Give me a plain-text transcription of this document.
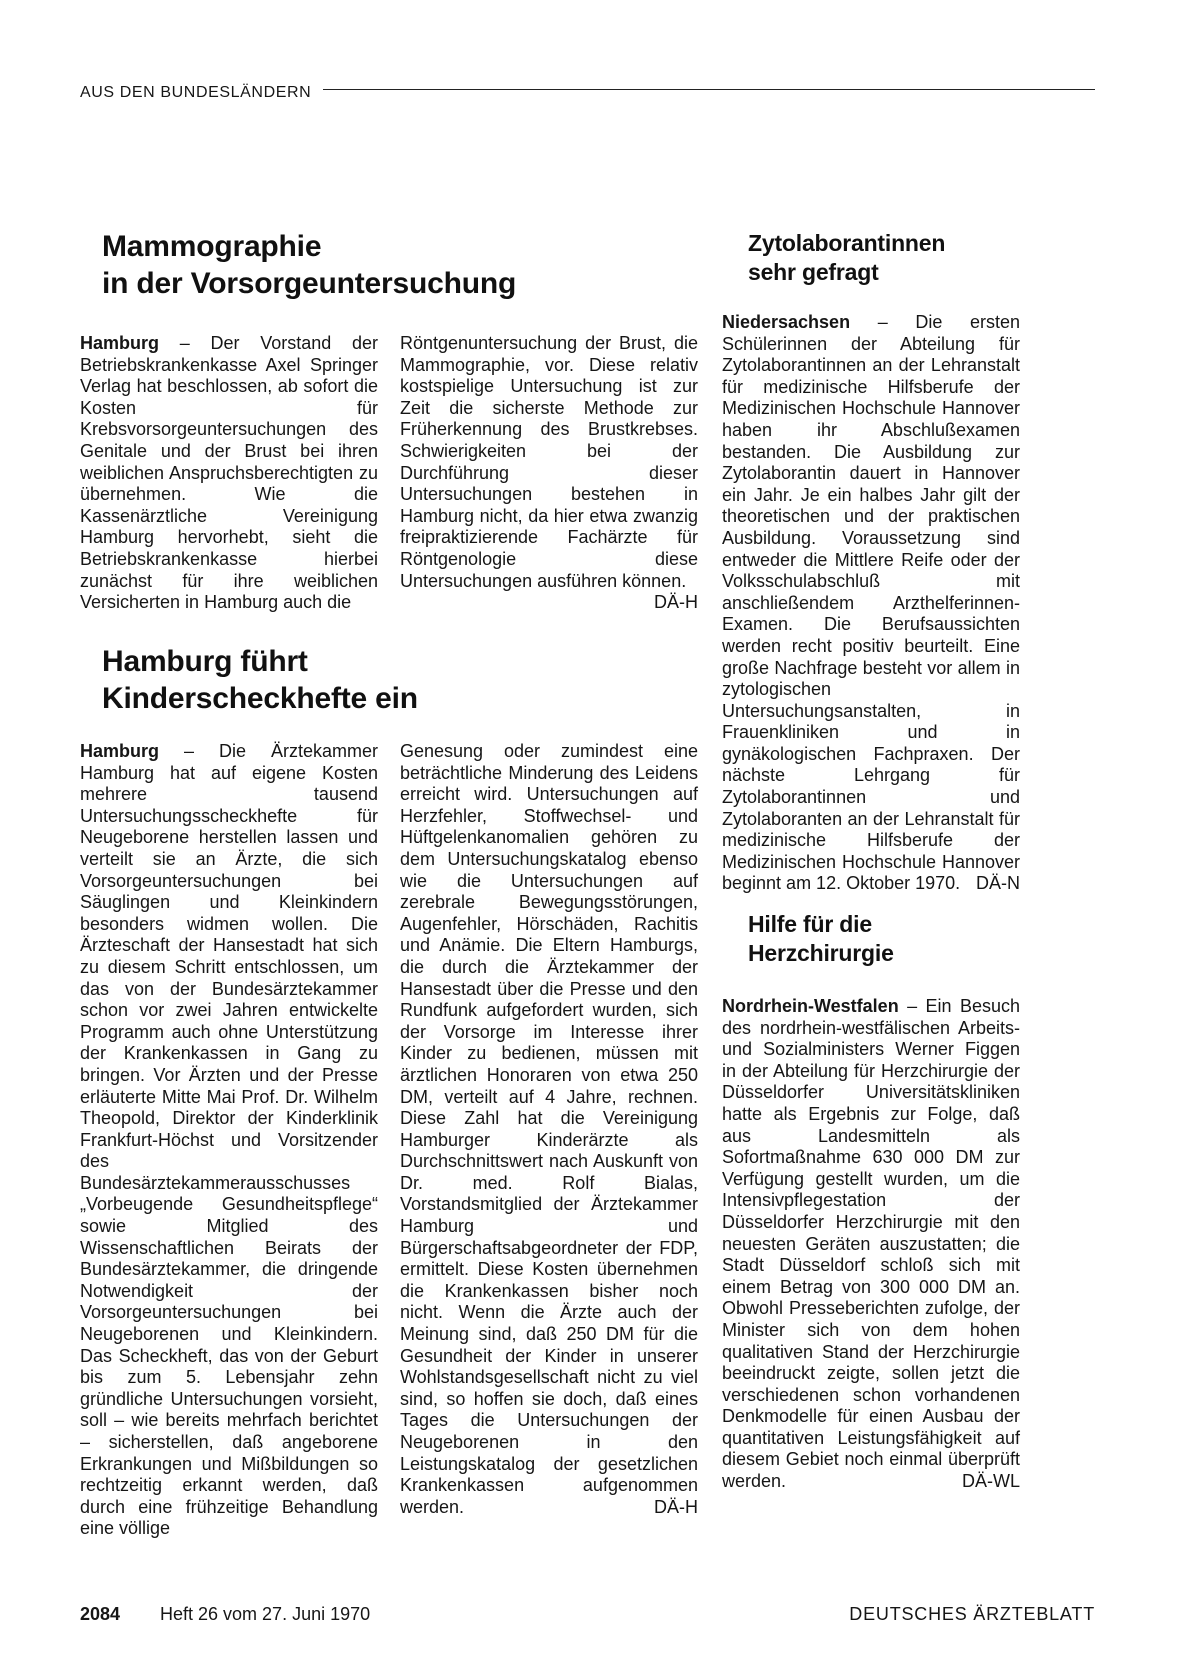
AUS DEN BUNDESLÄNDERN
Mammographie
in der Vorsorgeuntersuchung

Hamburg – Der Vorstand der Betriebskrankenkasse Axel Springer Verlag hat beschlossen, ab sofort die Kosten für Krebsvorsorgeuntersuchungen des Genitale und der Brust bei ihren weiblichen Anspruchsberechtigten zu übernehmen. Wie die Kassenärztliche Vereinigung Hamburg hervorhebt, sieht die Betriebskrankenkasse hierbei zunächst für ihre weiblichen Versicherten in Hamburg auch die

Röntgenuntersuchung der Brust, die Mammographie, vor. Diese relativ kostspielige Untersuchung ist zur Zeit die sicherste Methode zur Früherkennung des Brustkrebses. Schwierigkeiten bei der Durchführung dieser Untersuchungen bestehen in Hamburg nicht, da hier etwa zwanzig freipraktizierende Fachärzte für Röntgenologie diese Untersuchungen ausführen können.
DÄ-H

Hamburg führt
Kinderscheckhefte ein

Hamburg – Die Ärztekammer Hamburg hat auf eigene Kosten mehrere tausend Untersuchungsscheckhefte für Neugeborene herstellen lassen und verteilt sie an Ärzte, die sich Vorsorgeuntersuchungen bei Säuglingen und Kleinkindern besonders widmen wollen. Die Ärzteschaft der Hansestadt hat sich zu diesem Schritt entschlossen, um das von der Bundesärztekammer schon vor zwei Jahren entwickelte Programm auch ohne Unterstützung der Krankenkassen in Gang zu bringen. Vor Ärzten und der Presse erläuterte Mitte Mai Prof. Dr. Wilhelm Theopold, Direktor der Kinderklinik Frankfurt-Höchst und Vorsitzender des Bundesärztekammerausschusses „Vorbeugende Gesundheitspflege“ sowie Mitglied des Wissenschaftlichen Beirats der Bundesärztekammer, die dringende Notwendigkeit der Vorsorgeuntersuchungen bei Neugeborenen und Kleinkindern. Das Scheckheft, das von der Geburt bis zum 5. Lebensjahr zehn gründliche Untersuchungen vorsieht, soll – wie bereits mehrfach berichtet – sicherstellen, daß angeborene Erkrankungen und Mißbildungen so rechtzeitig erkannt werden, daß durch eine frühzeitige Behandlung eine völlige

Genesung oder zumindest eine beträchtliche Minderung des Leidens erreicht wird. Untersuchungen auf Herzfehler, Stoffwechsel- und Hüftgelenkanomalien gehören zu dem Untersuchungskatalog ebenso wie die Untersuchungen auf zerebrale Bewegungsstörungen, Augenfehler, Hörschäden, Rachitis und Anämie. Die Eltern Hamburgs, die durch die Ärztekammer der Hansestadt über die Presse und den Rundfunk aufgefordert wurden, sich der Vorsorge im Interesse ihrer Kinder zu bedienen, müssen mit ärztlichen Honoraren von etwa 250 DM, verteilt auf 4 Jahre, rechnen. Diese Zahl hat die Vereinigung Hamburger Kinderärzte als Durchschnittswert nach Auskunft von Dr. med. Rolf Bialas, Vorstandsmitglied der Ärztekammer Hamburg und Bürgerschaftsabgeordneter der FDP, ermittelt. Diese Kosten übernehmen die Krankenkassen bisher noch nicht. Wenn die Ärzte auch der Meinung sind, daß 250 DM für die Gesundheit der Kinder in unserer Wohlstandsgesellschaft nicht zu viel sind, so hoffen sie doch, daß eines Tages die Untersuchungen der Neugeborenen in den Leistungskatalog der gesetzlichen Krankenkassen aufgenommen werden.	DÄ-H

Zytolaborantinnen
sehr gefragt

Niedersachsen – Die ersten Schülerinnen der Abteilung für Zytolaborantinnen an der Lehranstalt für medizinische Hilfsberufe der Medizinischen Hochschule Hannover haben ihr Abschlußexamen bestanden. Die Ausbildung zur Zytolaborantin dauert in Hannover ein Jahr. Je ein halbes Jahr gilt der theoretischen und der praktischen Ausbildung. Voraussetzung sind entweder die Mittlere Reife oder der Volksschulabschluß mit anschließendem Arzthelferinnen-Examen. Die Berufsaussichten werden recht positiv beurteilt. Eine große Nachfrage besteht vor allem in zytologischen Untersuchungsanstalten, in Frauenkliniken und in gynäkologischen Fachpraxen. Der nächste Lehrgang für Zytolaborantinnen und Zytolaboranten an der Lehranstalt für medizinische Hilfsberufe der Medizinischen Hochschule Hannover beginnt am 12. Oktober 1970. DÄ-N

Hilfe für die
Herzchirurgie

Nordrhein-Westfalen – Ein Besuch des nordrhein-westfälischen Arbeits- und Sozialministers Werner Figgen in der Abteilung für Herzchirurgie der Düsseldorfer Universitätskliniken hatte als Ergebnis zur Folge, daß aus Landesmitteln als Sofortmaßnahme 630 000 DM zur Verfügung gestellt wurden, um die Intensivpflegestation der Düsseldorfer Herzchirurgie mit den neuesten Geräten auszustatten; die Stadt Düsseldorf schloß sich mit einem Betrag von 300 000 DM an. Obwohl Presseberichten zufolge, der Minister sich von dem hohen qualitativen Stand der Herzchirurgie beeindruckt zeigte, sollen jetzt die verschiedenen schon vorhandenen Denkmodelle für einen Ausbau der quantitativen Leistungsfähigkeit auf diesem Gebiet noch einmal überprüft werden.	DÄ-WL

2084	Heft 26 vom 27. Juni 1970	DEUTSCHES ÄRZTEBLATT
